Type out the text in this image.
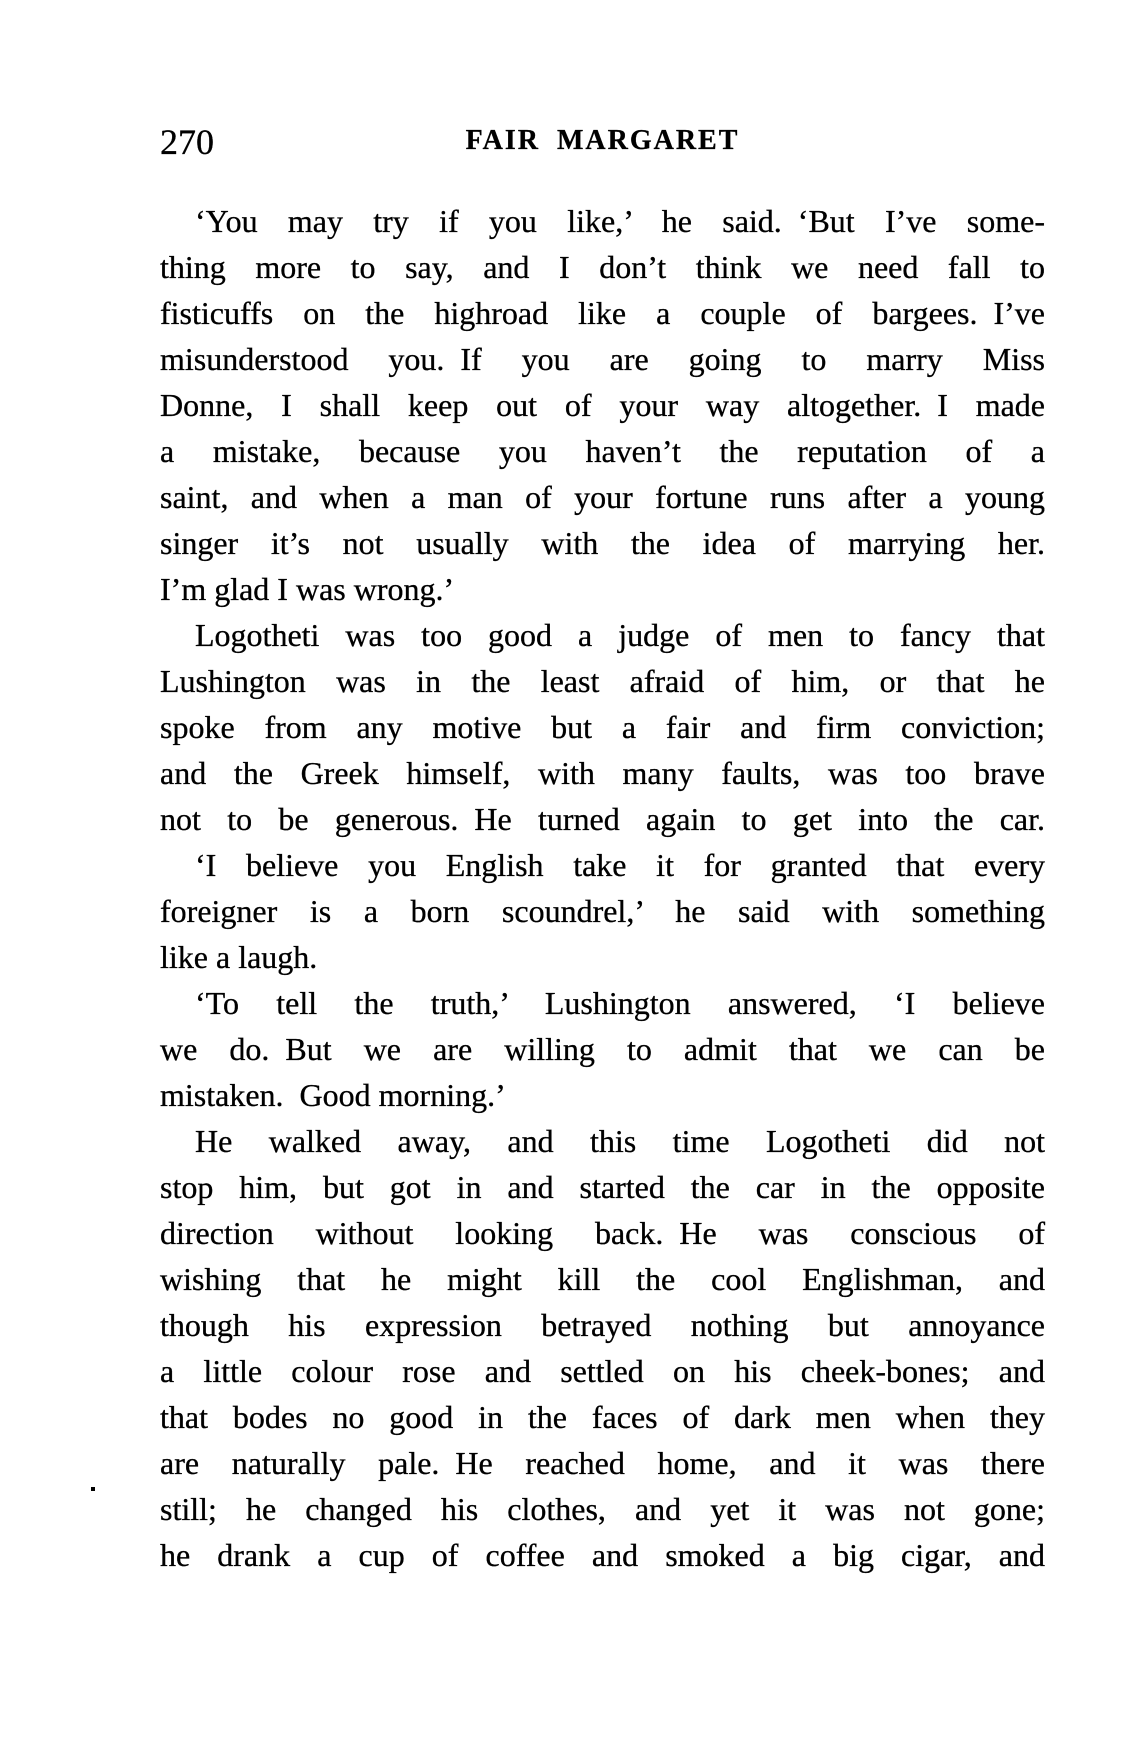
270	FAIR MARGARET
‘You may try if you like,’ he said. ‘But I’ve some-
thing more to say, and I don’t think we need fall to
fisticuffs on the highroad like a couple of bargees. I’ve
misunderstood you. If you are going to marry Miss
Donne, I shall keep out of your way altogether. I made
a mistake, because you haven’t the reputation of a
saint, and when a man of your fortune runs after a young
singer it’s not usually with the idea of marrying her.
I’m glad I was wrong.’
Logotheti was too good a judge of men to fancy that
Lushington was in the least afraid of him, or that he
spoke from any motive but a fair and firm conviction;
and the Greek himself, with many faults, was too brave
not to be generous. He turned again to get into the car.
‘I believe you English take it for granted that every
foreigner is a born scoundrel,’ he said with something
like a laugh.
‘To tell the truth,’ Lushington answered, ‘I believe
we do. But we are willing to admit that we can be
mistaken. Good morning.’
He walked away, and this time Logotheti did not
stop him, but got in and started the car in the opposite
direction without looking back. He was conscious of
wishing that he might kill the cool Englishman, and
though his expression betrayed nothing but annoyance
a little colour rose and settled on his cheek-bones; and
that bodes no good in the faces of dark men when they
are naturally pale. He reached home, and it was there
still; he changed his clothes, and yet it was not gone;
he drank a cup of coffee and smoked a big cigar, and
